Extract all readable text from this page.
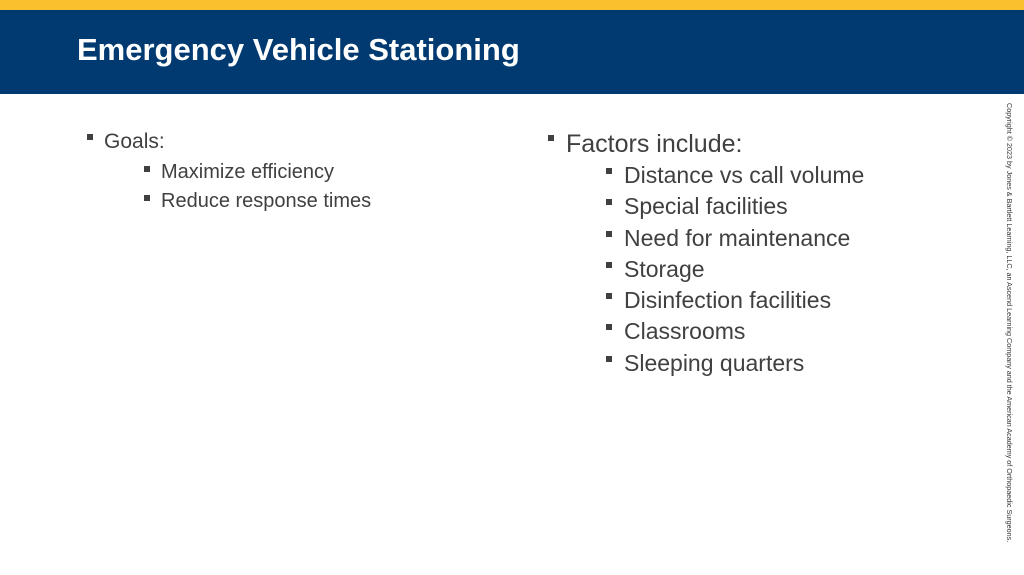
Emergency Vehicle Stationing
Goals:
Maximize efficiency
Reduce response times
Factors include:
Distance vs call volume
Special facilities
Need for maintenance
Storage
Disinfection facilities
Classrooms
Sleeping quarters	Copyright © 2023 by Jones & Bartlett Learning, LLC, an Ascend Learning Company and the American Academy of Orthopaedic Surgeons.
